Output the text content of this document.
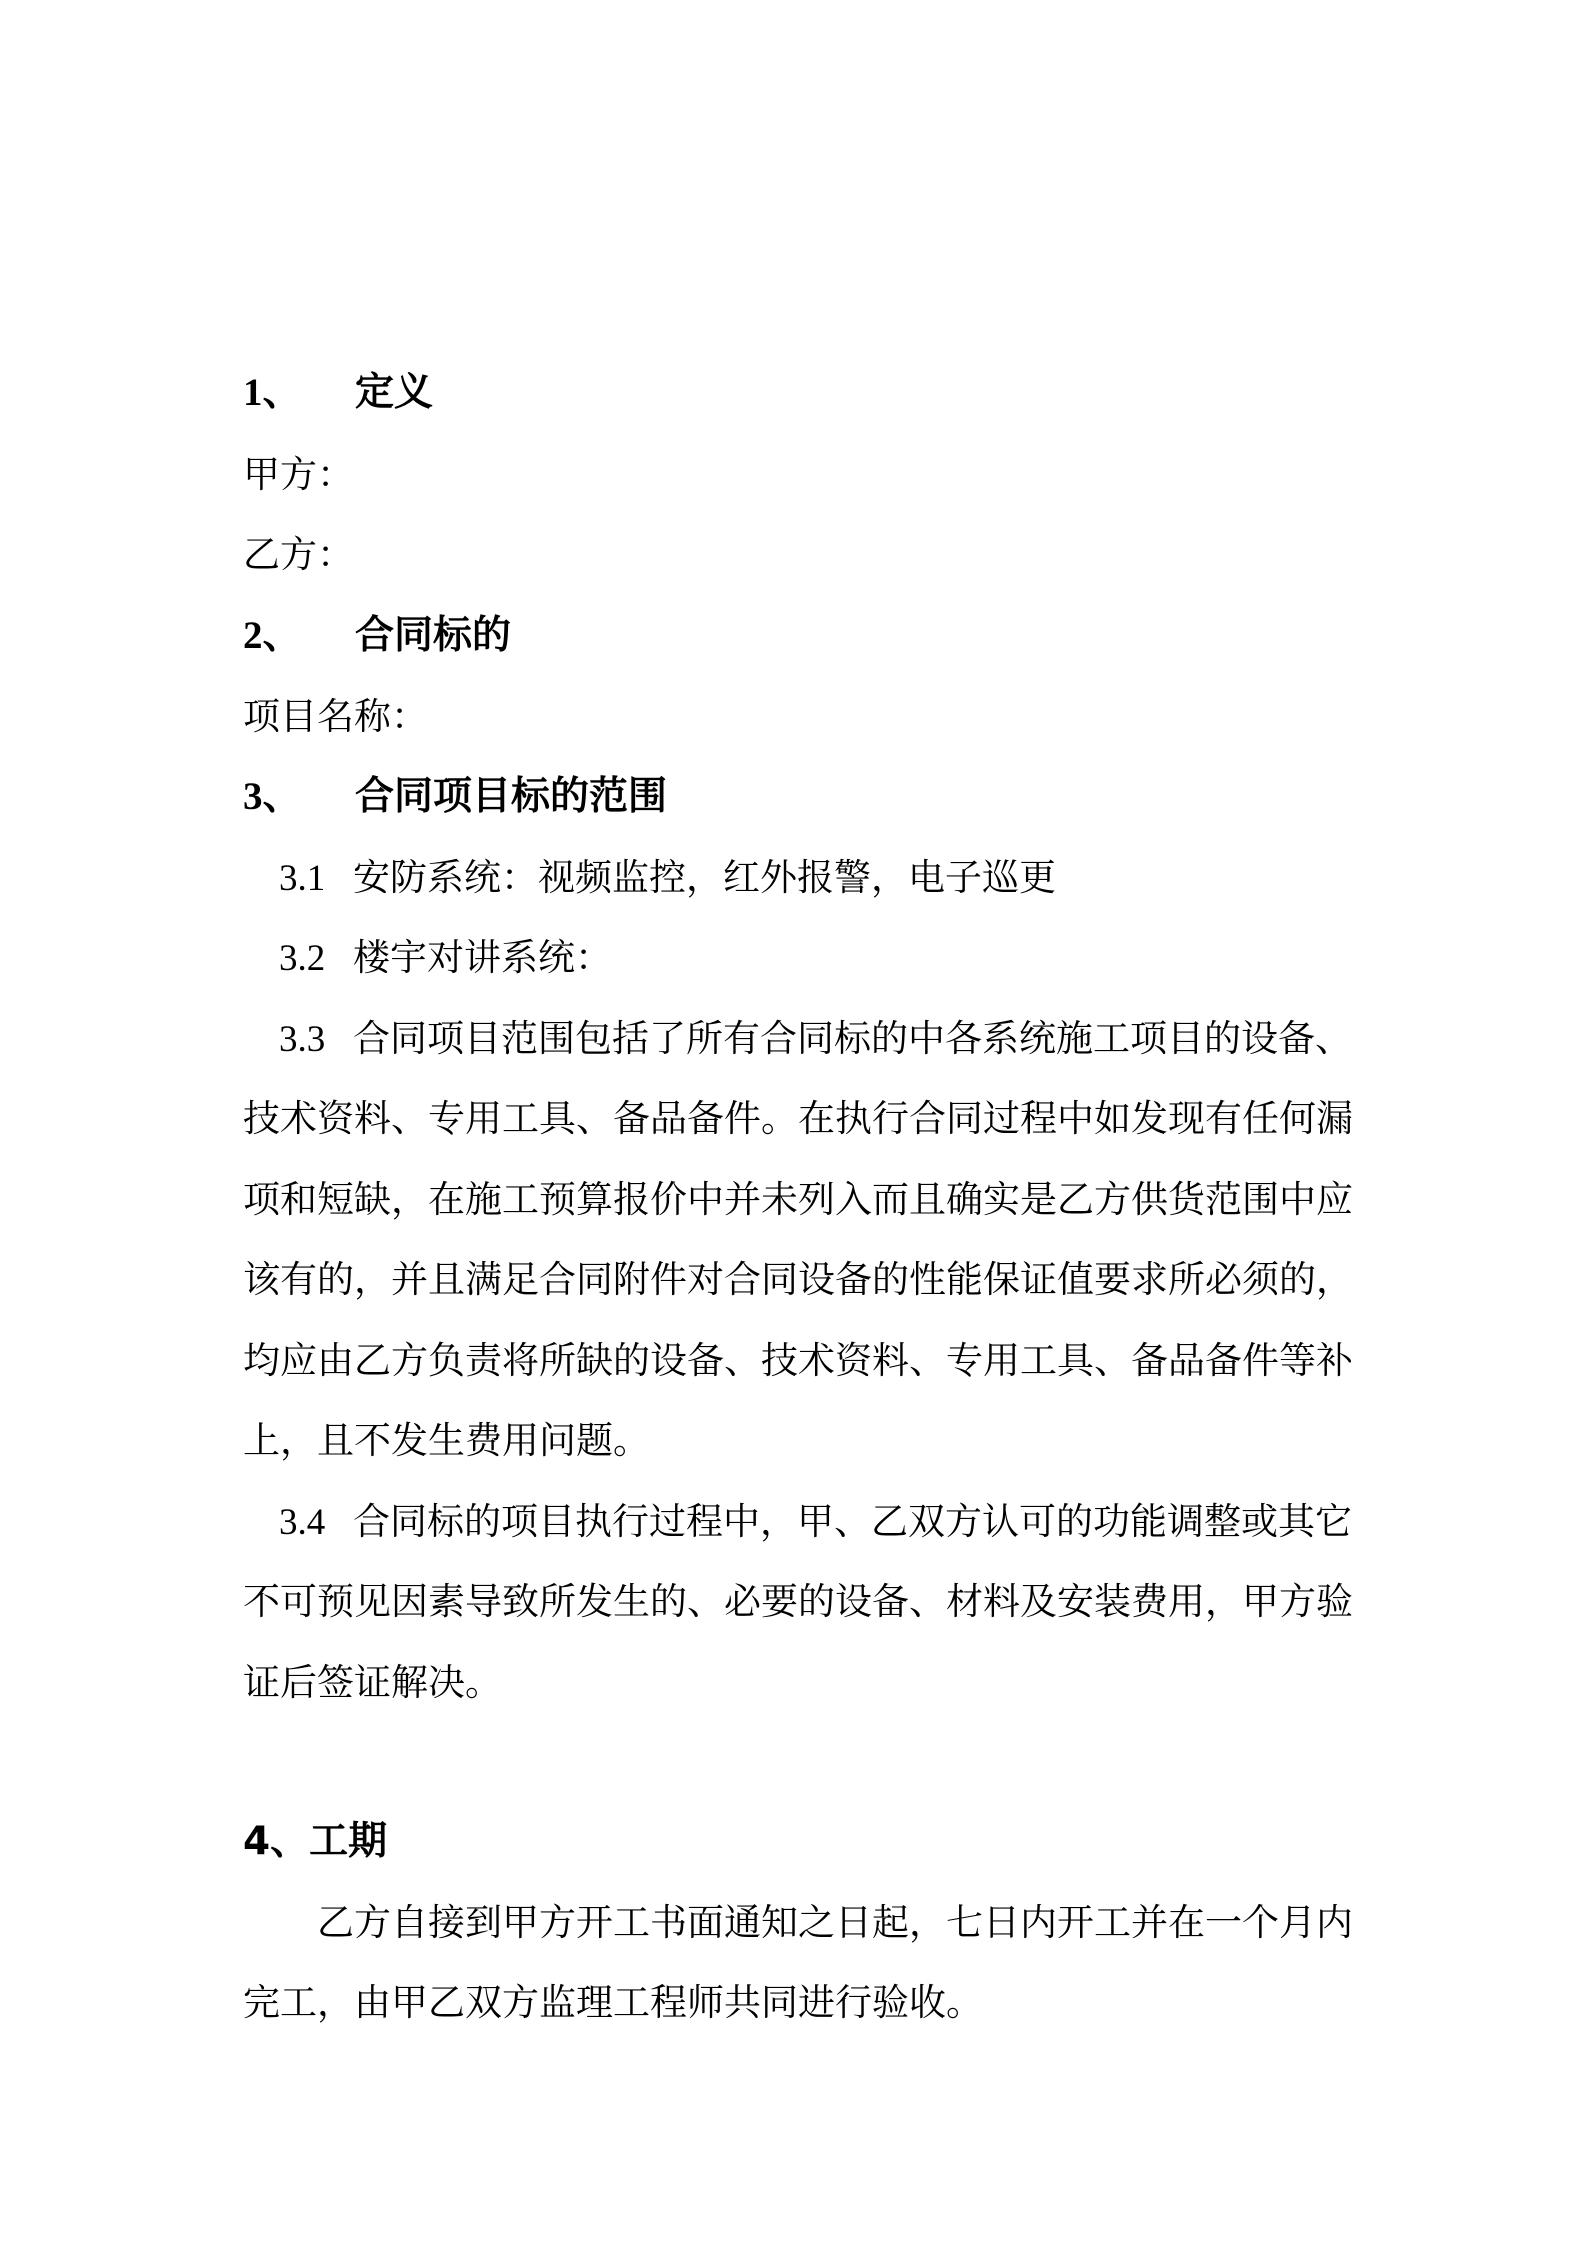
1、 定义
甲方：
乙方：
2、 合同标的
项目名称：
3、 合同项目标的范围
3.1 安防系统：视频监控，红外报警，电子巡更
3.2 楼宇对讲系统：
3.3 合同项目范围包括了所有合同标的中各系统施工项目的设备、
技术资料、专用工具、备品备件。在执行合同过程中如发现有任何漏
项和短缺，在施工预算报价中并未列入而且确实是乙方供货范围中应
该有的，并且满足合同附件对合同设备的性能保证值要求所必须的，
均应由乙方负责将所缺的设备、技术资料、专用工具、备品备件等补
上，且不发生费用问题。
3.4 合同标的项目执行过程中，甲、乙双方认可的功能调整或其它
不可预见因素导致所发生的、必要的设备、材料及安装费用，甲方验
证后签证解决。
4、工期
乙方自接到甲方开工书面通知之日起，七日内开工并在一个月内
完工，由甲乙双方监理工程师共同进行验收。
